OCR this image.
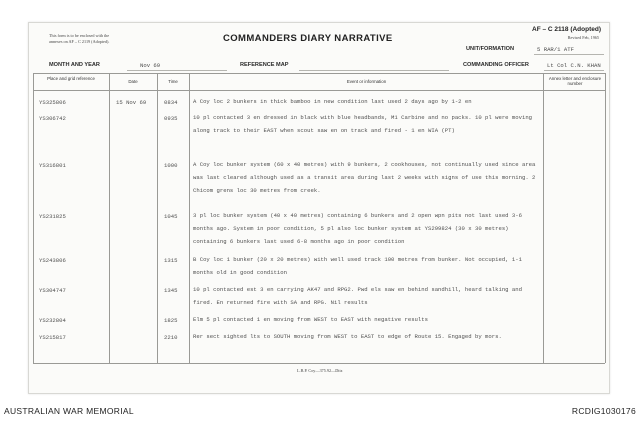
This form is to be enclosed with the
annexes on AF – C 2119 (Adopted).	COMMANDERS DIARY NARRATIVE
AF – C 2118 (Adopted)
Revised Feb, 1965
UNIT/FORMATION	5 RAR/1 ATF
MONTH AND YEAR	Nov 69	REFERENCE MAP	COMMANDING OFFICER	Lt Col C.N. KHAN
Place and grid reference
Date	Time	Event or information
Annex letter and enclosure number
YS325806	15 Nov 69	0834	A Coy loc 2 bunkers in thick bamboo in new condition last used 2 days ago by 1-2 en
YS306742	0935	10 pl contacted 3 en dressed in black with blue headbands, M1 Carbine and no packs. 10 pl were moving along track to their EAST when scout saw en on track and fired - 1 en WIA (PT)
YS316801	1000	A Coy loc bunker system (60 x 40 metres) with 9 bunkers, 2 cookhouses, not continually used since area was last cleared although used as a transit area during last 2 weeks with signs of use this morning. 2 Chicom grens loc 30 metres from creek.
YS231825	1045	3 pl loc bunker system (40 x 40 metres) containing 6 bunkers and 2 open wpn pits not last used 3-6 months ago. System in poor condition, 5 pl also loc bunker system at YS299824 (30 x 30 metres) containing 6 bunkers last used 6-8 months ago in poor condition
YS243806	1315	B Coy loc 1 bunker (20 x 20 metres) with well used track 100 metres from bunker. Not occupied, 1-1 months old in good condition
YS304747	1345	10 pl contacted est 3 en carrying AK47 and RPG2. Pwd els saw en behind sandhill, heard talking and fired. En returned fire with SA and RPG. Nil results
YS232804	1825	Elm 5 pl contacted 1 en moving from WEST to EAST with negative results
YS215817	2210	Rer sect sighted lts to SOUTH moving from WEST to EAST to edge of Route 15. Engaged by mors.
L.B.P. Coy—375.92—Ditz
AUSTRALIAN WAR MEMORIAL	RCDIG1030176
